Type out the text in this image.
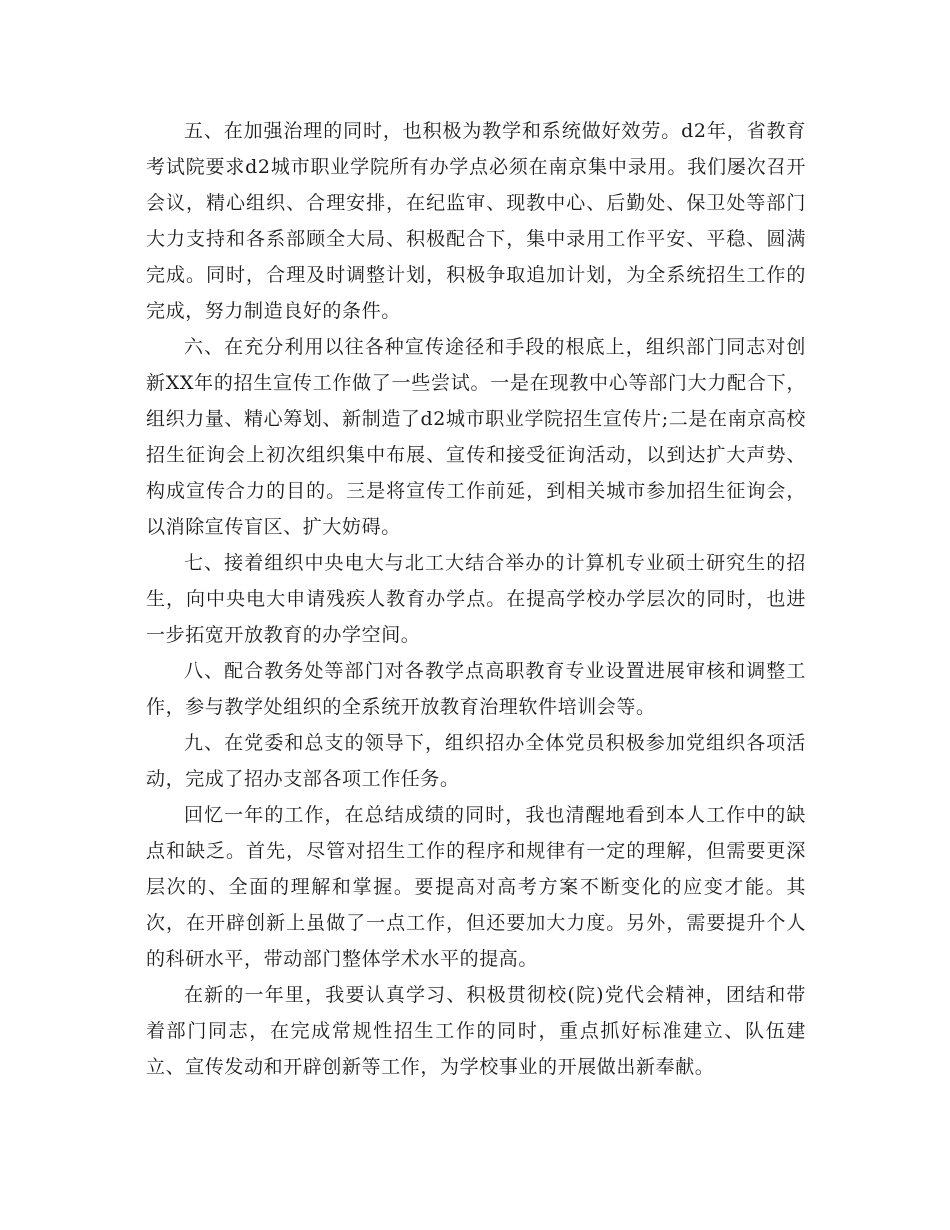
五、在加强治理的同时，也积极为教学和系统做好效劳。d2年，省教育考试院要求d2城市职业学院所有办学点必须在南京集中录用。我们屡次召开会议，精心组织、合理安排，在纪监审、现教中心、后勤处、保卫处等部门大力支持和各系部顾全大局、积极配合下，集中录用工作平安、平稳、圆满完成。同时，合理及时调整计划，积极争取追加计划，为全系统招生工作的完成，努力制造良好的条件。

六、在充分利用以往各种宣传途径和手段的根底上，组织部门同志对创新XX年的招生宣传工作做了一些尝试。一是在现教中心等部门大力配合下，组织力量、精心筹划、新制造了d2城市职业学院招生宣传片;二是在南京高校招生征询会上初次组织集中布展、宣传和接受征询活动，以到达扩大声势、构成宣传合力的目的。三是将宣传工作前延，到相关城市参加招生征询会，以消除宣传盲区、扩大妨碍。

七、接着组织中央电大与北工大结合举办的计算机专业硕士研究生的招生，向中央电大申请残疾人教育办学点。在提高学校办学层次的同时，也进一步拓宽开放教育的办学空间。

八、配合教务处等部门对各教学点高职教育专业设置进展审核和调整工作，参与教学处组织的全系统开放教育治理软件培训会等。

九、在党委和总支的领导下，组织招办全体党员积极参加党组织各项活动，完成了招办支部各项工作任务。

回忆一年的工作，在总结成绩的同时，我也清醒地看到本人工作中的缺点和缺乏。首先，尽管对招生工作的程序和规律有一定的理解，但需要更深层次的、全面的理解和掌握。要提高对高考方案不断变化的应变才能。其次，在开辟创新上虽做了一点工作，但还要加大力度。另外，需要提升个人的科研水平，带动部门整体学术水平的提高。

在新的一年里，我要认真学习、积极贯彻校(院)党代会精神，团结和带着部门同志，在完成常规性招生工作的同时，重点抓好标准建立、队伍建立、宣传发动和开辟创新等工作，为学校事业的开展做出新奉献。
